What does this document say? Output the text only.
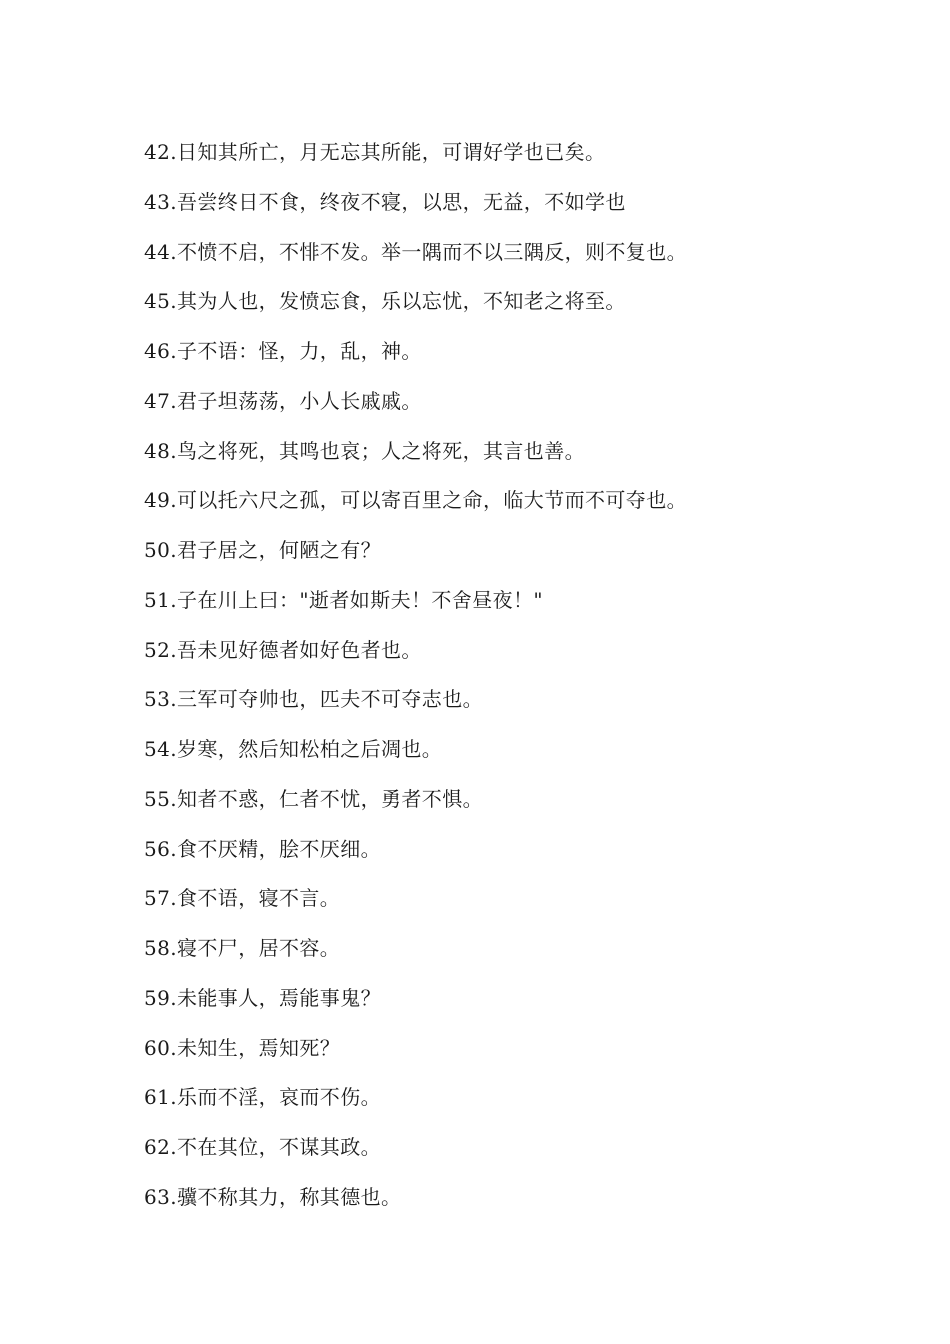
42.日知其所亡，月无忘其所能，可谓好学也已矣。
43.吾尝终日不食，终夜不寝，以思，无益，不如学也
44.不愤不启，不悱不发。举一隅而不以三隅反，则不复也。
45.其为人也，发愤忘食，乐以忘忧，不知老之将至。
46.子不语：怪，力，乱，神。
47.君子坦荡荡，小人长戚戚。
48.鸟之将死，其鸣也哀；人之将死，其言也善。
49.可以托六尺之孤，可以寄百里之命，临大节而不可夺也。
50.君子居之，何陋之有？
51.子在川上曰："逝者如斯夫！不舍昼夜！"
52.吾未见好德者如好色者也。
53.三军可夺帅也，匹夫不可夺志也。
54.岁寒，然后知松柏之后凋也。
55.知者不惑，仁者不忧，勇者不惧。
56.食不厌精，脍不厌细。
57.食不语，寝不言。
58.寝不尸，居不容。
59.未能事人，焉能事鬼？
60.未知生，焉知死？
61.乐而不淫，哀而不伤。
62.不在其位，不谋其政。
63.骥不称其力，称其德也。
